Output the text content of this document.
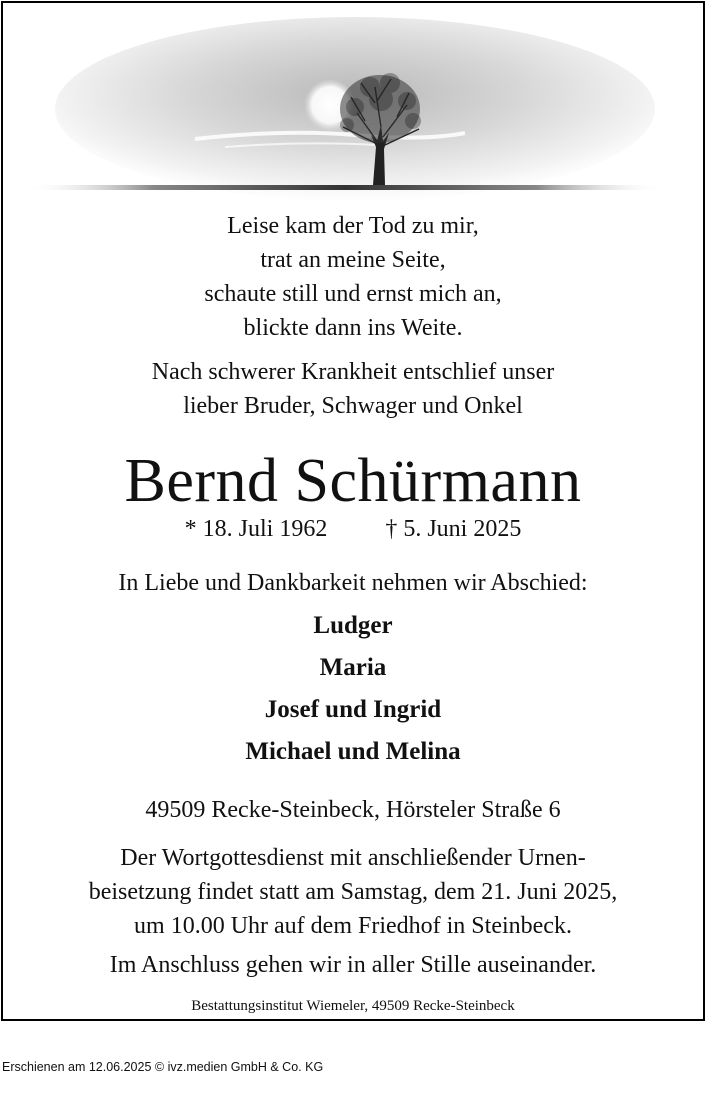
Leise kam der Tod zu mir,
trat an meine Seite,
schaute still und ernst mich an,
blickte dann ins Weite.
Nach schwerer Krankheit entschlief unser
lieber Bruder, Schwager und Onkel
Bernd Schürmann
* 18. Juli 1962 † 5. Juni 2025
In Liebe und Dankbarkeit nehmen wir Abschied:
Ludger
Maria
Josef und Ingrid
Michael und Melina
49509 Recke-Steinbeck, Hörsteler Straße 6
Der Wortgottesdienst mit anschließender Urnen-
beisetzung findet statt am Samstag, dem 21. Juni 2025,
um 10.00 Uhr auf dem Friedhof in Steinbeck.
Im Anschluss gehen wir in aller Stille auseinander.
Bestattungsinstitut Wiemeler, 49509 Recke-Steinbeck
Erschienen am 12.06.2025 © ivz.medien GmbH & Co. KG
